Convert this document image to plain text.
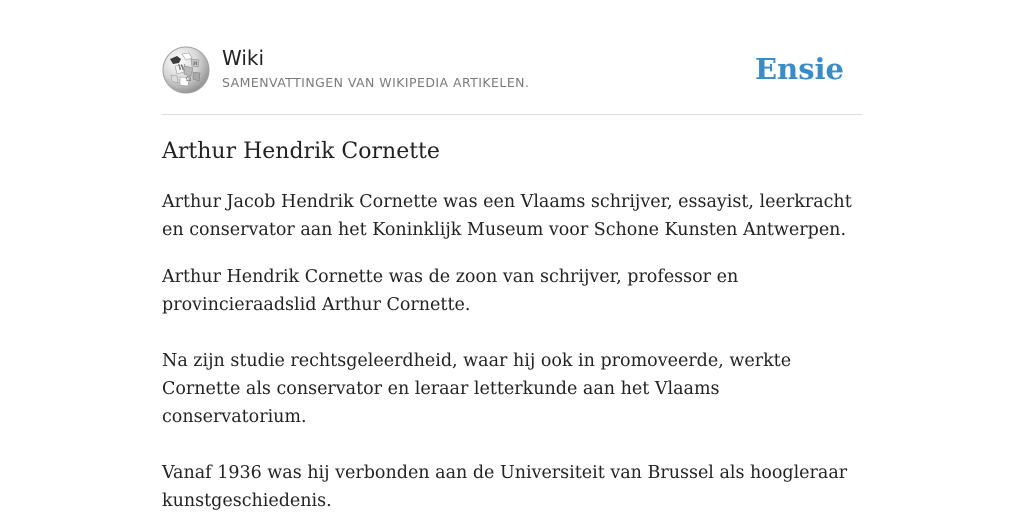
W
Ω
И Wiki
SAMENVATTINGEN VAN WIKIPEDIA ARTIKELEN.	Ensie
Arthur Hendrik Cornette

Arthur Jacob Hendrik Cornette was een Vlaams schrijver, essayist, leerkracht en conservator aan het Koninklijk Museum voor Schone Kunsten Antwerpen.

Arthur Hendrik Cornette was de zoon van schrijver, professor en provincieraadslid Arthur Cornette.

Na zijn studie rechtsgeleerdheid, waar hij ook in promoveerde, werkte Cornette als conservator en leraar letterkunde aan het Vlaams conservatorium.

Vanaf 1936 was hij verbonden aan de Universiteit van Brussel als hoogleraar kunstgeschiedenis.
